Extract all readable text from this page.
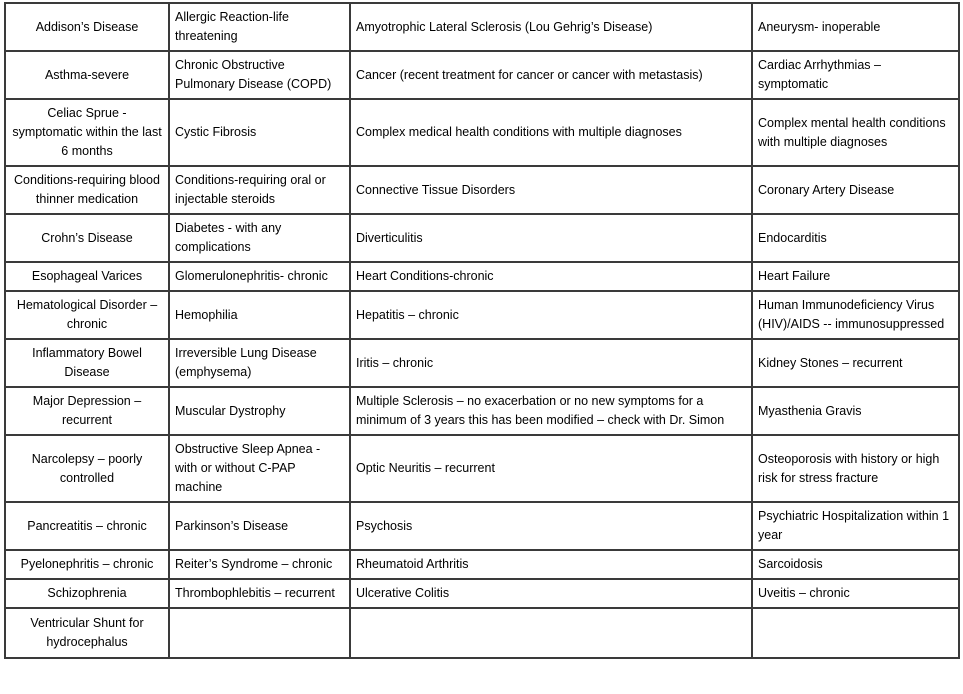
Addison’s Disease	Allergic Reaction-life threatening	Amyotrophic Lateral Sclerosis (Lou Gehrig’s Disease)	Aneurysm- inoperable
Asthma-severe	Chronic Obstructive Pulmonary Disease (COPD)	Cancer (recent treatment for cancer or cancer with metastasis)	Cardiac Arrhythmias – symptomatic
Celiac Sprue - symptomatic within the last 6 months	Cystic Fibrosis	Complex medical health conditions with multiple diagnoses	Complex mental health conditions with multiple diagnoses
Conditions-requiring blood thinner medication	Conditions-requiring oral or injectable steroids	Connective Tissue Disorders	Coronary Artery Disease
Crohn’s Disease	Diabetes - with any complications	Diverticulitis	Endocarditis
Esophageal Varices	Glomerulonephritis- chronic	Heart Conditions-chronic	Heart Failure
Hematological Disorder – chronic	Hemophilia	Hepatitis – chronic	Human Immunodeficiency Virus (HIV)/AIDS -- immunosuppressed
Inflammatory Bowel Disease	Irreversible Lung Disease (emphysema)	Iritis – chronic	Kidney Stones – recurrent
Major Depression – recurrent	Muscular Dystrophy	Multiple Sclerosis – no exacerbation or no new symptoms for a minimum of 3 years this has been modified – check with Dr. Simon	Myasthenia Gravis
Narcolepsy – poorly controlled	Obstructive Sleep Apnea - with or without C-PAP machine	Optic Neuritis – recurrent	Osteoporosis with history or high risk for stress fracture
Pancreatitis – chronic	Parkinson’s Disease	Psychosis	Psychiatric Hospitalization within 1 year
Pyelonephritis – chronic	Reiter’s Syndrome – chronic	Rheumatoid Arthritis	Sarcoidosis
Schizophrenia	Thrombophlebitis – recurrent	Ulcerative Colitis	Uveitis – chronic
Ventricular Shunt for hydrocephalus			
